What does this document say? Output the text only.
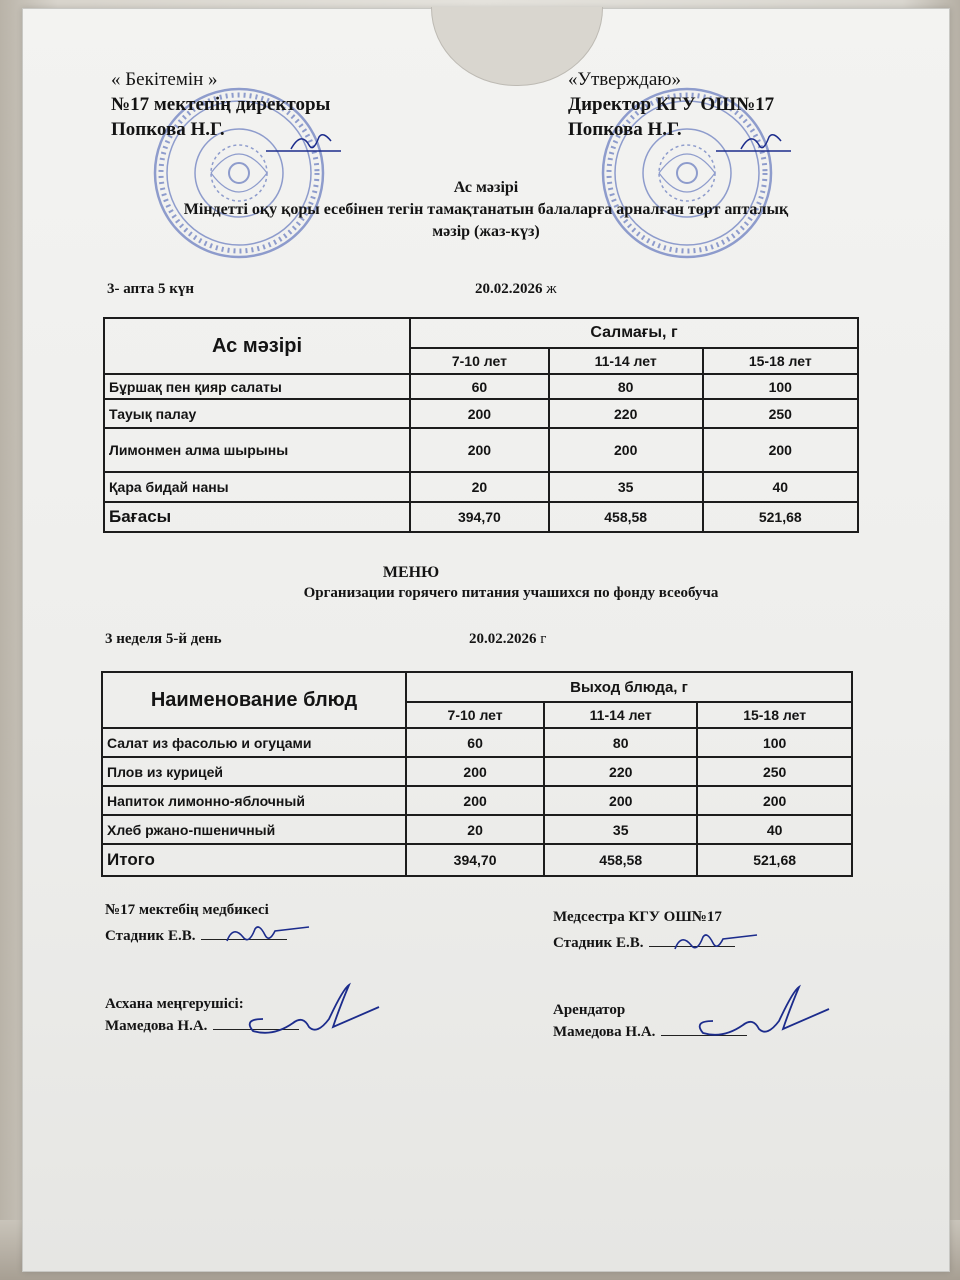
« Бекітемін »
№17 мектепің директоры
Попкова Н.Г.
«Утверждаю»
Директор КГУ ОШ№17
Попкова Н.Г.
Ас мәзірі
Міндетті оқу қоры есебінен тегін тамақтанатын балаларға арналған төрт апталық
мәзір (жаз-күз)
3- апта 5 күн	20.02.2026 ж
Ас мәзірі	Салмағы, г		
	7-10 лет	11-14 лет	15-18 лет
Бұршақ пен қияр салаты	60	80	100
Тауық палау	200	220	250
Лимонмен алма шырыны	200	200	200
Қара бидай наны	20	35	40
Бағасы	394,70	458,58	521,68
МЕНЮ
Организации горячего питания учашихся по фонду всеобуча
3 неделя 5-й день	20.02.2026 г
Наименование блюд	Выход блюда, г		
	7-10 лет	11-14 лет	15-18 лет
Салат из фасолью и огуцами	60	80	100
Плов из курицей	200	220	250
Напиток лимонно-яблочный	200	200	200
Хлеб ржано-пшеничный	20	35	40
Итого	394,70	458,58	521,68
№17 мектебің медбикесі
Стадник Е.В.
Медсестра КГУ ОШ№17
Стадник Е.В.
Асхана меңгерушісі:
Мамедова Н.А.
Арендатор
Мамедова Н.А.
